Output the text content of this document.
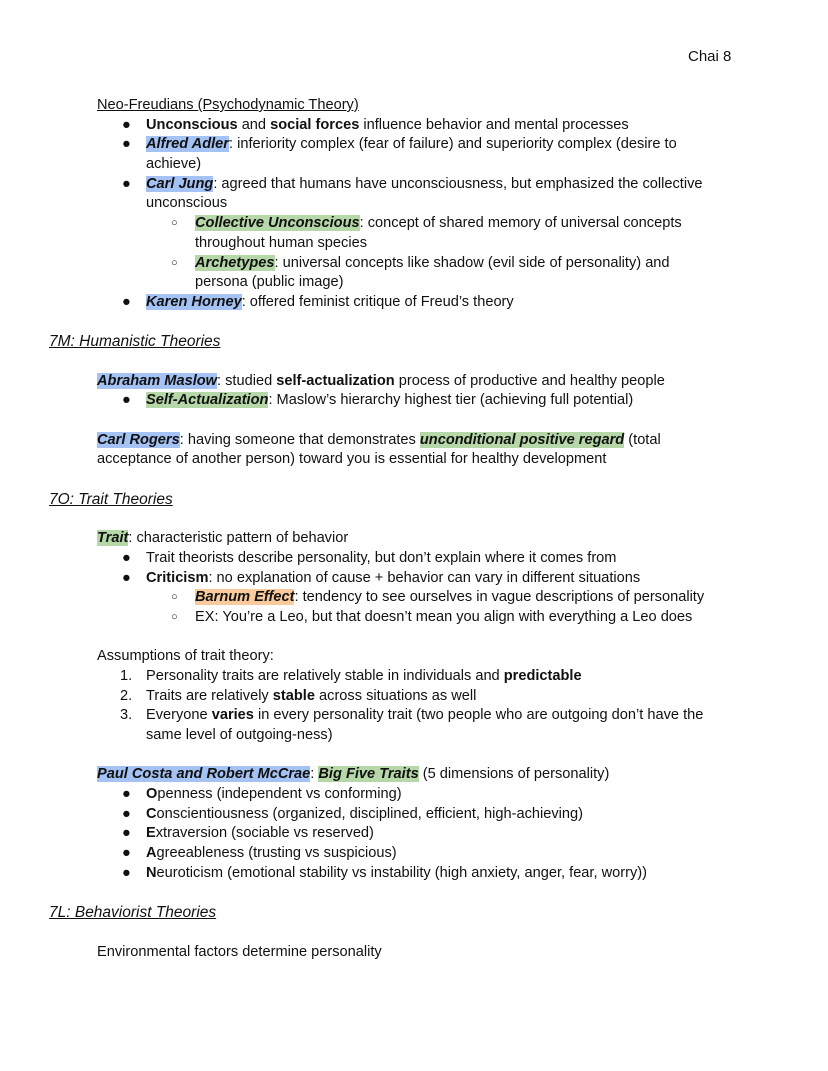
Chai 8
Neo-Freudians (Psychodynamic Theory)
● Unconscious and social forces influence behavior and mental processes
● Alfred Adler: inferiority complex (fear of failure) and superiority complex (desire to
achieve)
● Carl Jung: agreed that humans have unconsciousness, but emphasized the collective
unconscious
○ Collective Unconscious: concept of shared memory of universal concepts
throughout human species
○ Archetypes: universal concepts like shadow (evil side of personality) and
persona (public image)
● Karen Horney: offered feminist critique of Freud’s theory
7M: Humanistic Theories
Abraham Maslow: studied self-actualization process of productive and healthy people
● Self-Actualization: Maslow’s hierarchy highest tier (achieving full potential)
Carl Rogers: having someone that demonstrates unconditional positive regard (total
acceptance of another person) toward you is essential for healthy development
7O: Trait Theories
Trait: characteristic pattern of behavior
● Trait theorists describe personality, but don’t explain where it comes from
● Criticism: no explanation of cause + behavior can vary in different situations
○ Barnum Effect: tendency to see ourselves in vague descriptions of personality
○ EX: You’re a Leo, but that doesn’t mean you align with everything a Leo does
Assumptions of trait theory:
1. Personality traits are relatively stable in individuals and predictable
2. Traits are relatively stable across situations as well
3. Everyone varies in every personality trait (two people who are outgoing don’t have the
same level of outgoing-ness)
Paul Costa and Robert McCrae: Big Five Traits (5 dimensions of personality)
● Openness (independent vs conforming)
● Conscientiousness (organized, disciplined, efficient, high-achieving)
● Extraversion (sociable vs reserved)
● Agreeableness (trusting vs suspicious)
● Neuroticism (emotional stability vs instability (high anxiety, anger, fear, worry))
7L: Behaviorist Theories
Environmental factors determine personality
